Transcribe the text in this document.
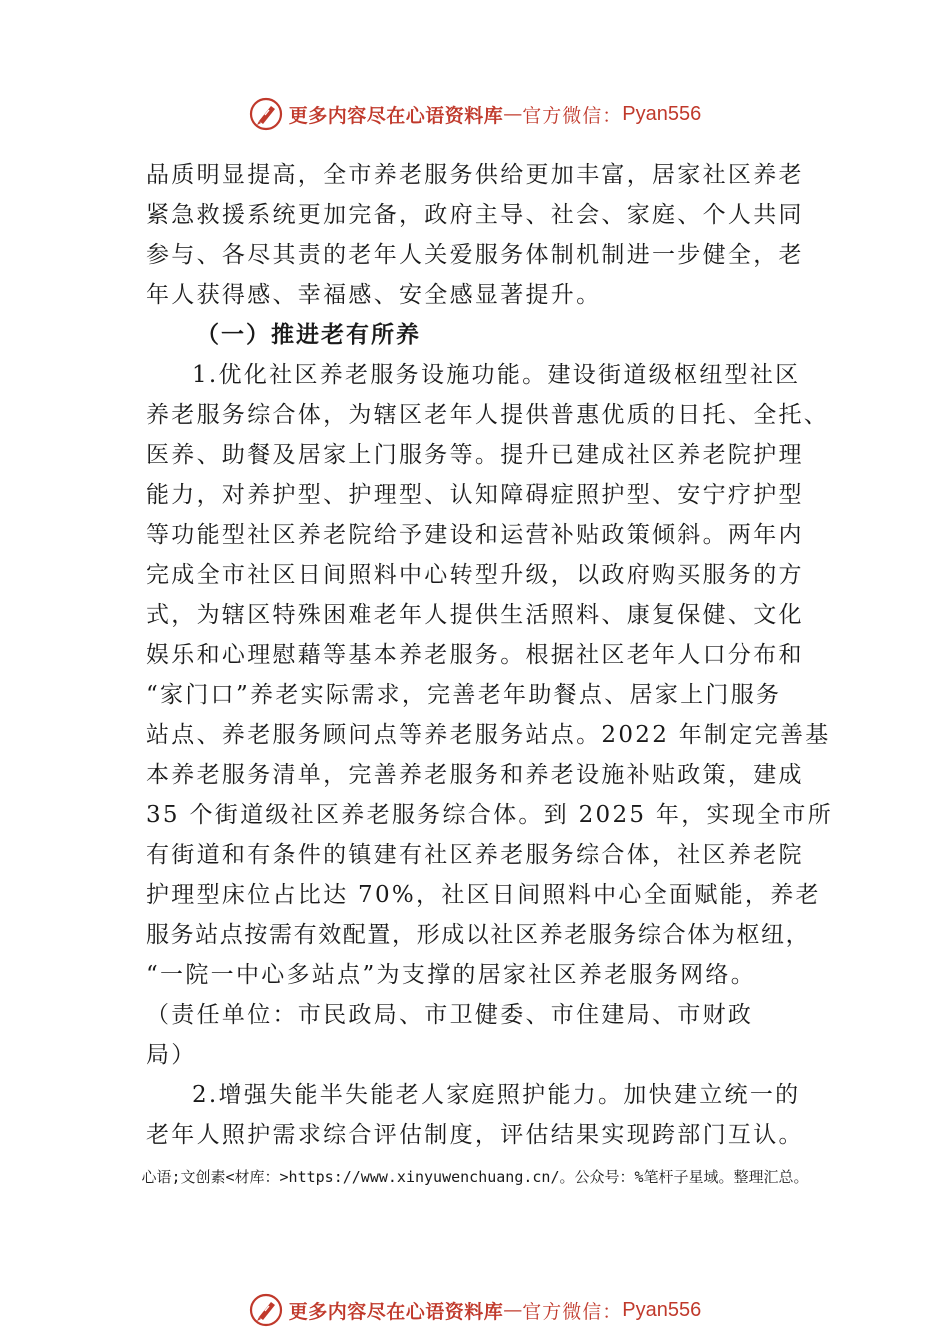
更多内容尽在心语资料库 — 官方微信： Pyan556
品质明显提高，全市养老服务供给更加丰富，居家社区养老
紧急救援系统更加完备，政府主导、社会、家庭、个人共同
参与、各尽其责的老年人关爱服务体制机制进一步健全，老
年人获得感、幸福感、安全感显著提升。
（一）推进老有所养
1.优化社区养老服务设施功能。建设街道级枢纽型社区
养老服务综合体，为辖区老年人提供普惠优质的日托、全托、
医养、助餐及居家上门服务等。提升已建成社区养老院护理
能力，对养护型、护理型、认知障碍症照护型、安宁疗护型
等功能型社区养老院给予建设和运营补贴政策倾斜。两年内
完成全市社区日间照料中心转型升级，以政府购买服务的方
式，为辖区特殊困难老年人提供生活照料、康复保健、文化
娱乐和心理慰藉等基本养老服务。根据社区老年人口分布和
“家门口”养老实际需求，完善老年助餐点、居家上门服务
站点、养老服务顾问点等养老服务站点。2022 年制定完善基
本养老服务清单，完善养老服务和养老设施补贴政策，建成
35 个街道级社区养老服务综合体。到 2025 年，实现全市所
有街道和有条件的镇建有社区养老服务综合体，社区养老院
护理型床位占比达 70%，社区日间照料中心全面赋能，养老
服务站点按需有效配置，形成以社区养老服务综合体为枢纽，
“一院一中心多站点”为支撑的居家社区养老服务网络。
（责任单位：市民政局、市卫健委、市住建局、市财政
局）
2.增强失能半失能老人家庭照护能力。加快建立统一的
老年人照护需求综合评估制度，评估结果实现跨部门互认。
心语;文创素<材库：>https://www.xinyuwenchuang.cn/。公众号：%笔杆子星域。整理汇总。
更多内容尽在心语资料库 — 官方微信： Pyan556
